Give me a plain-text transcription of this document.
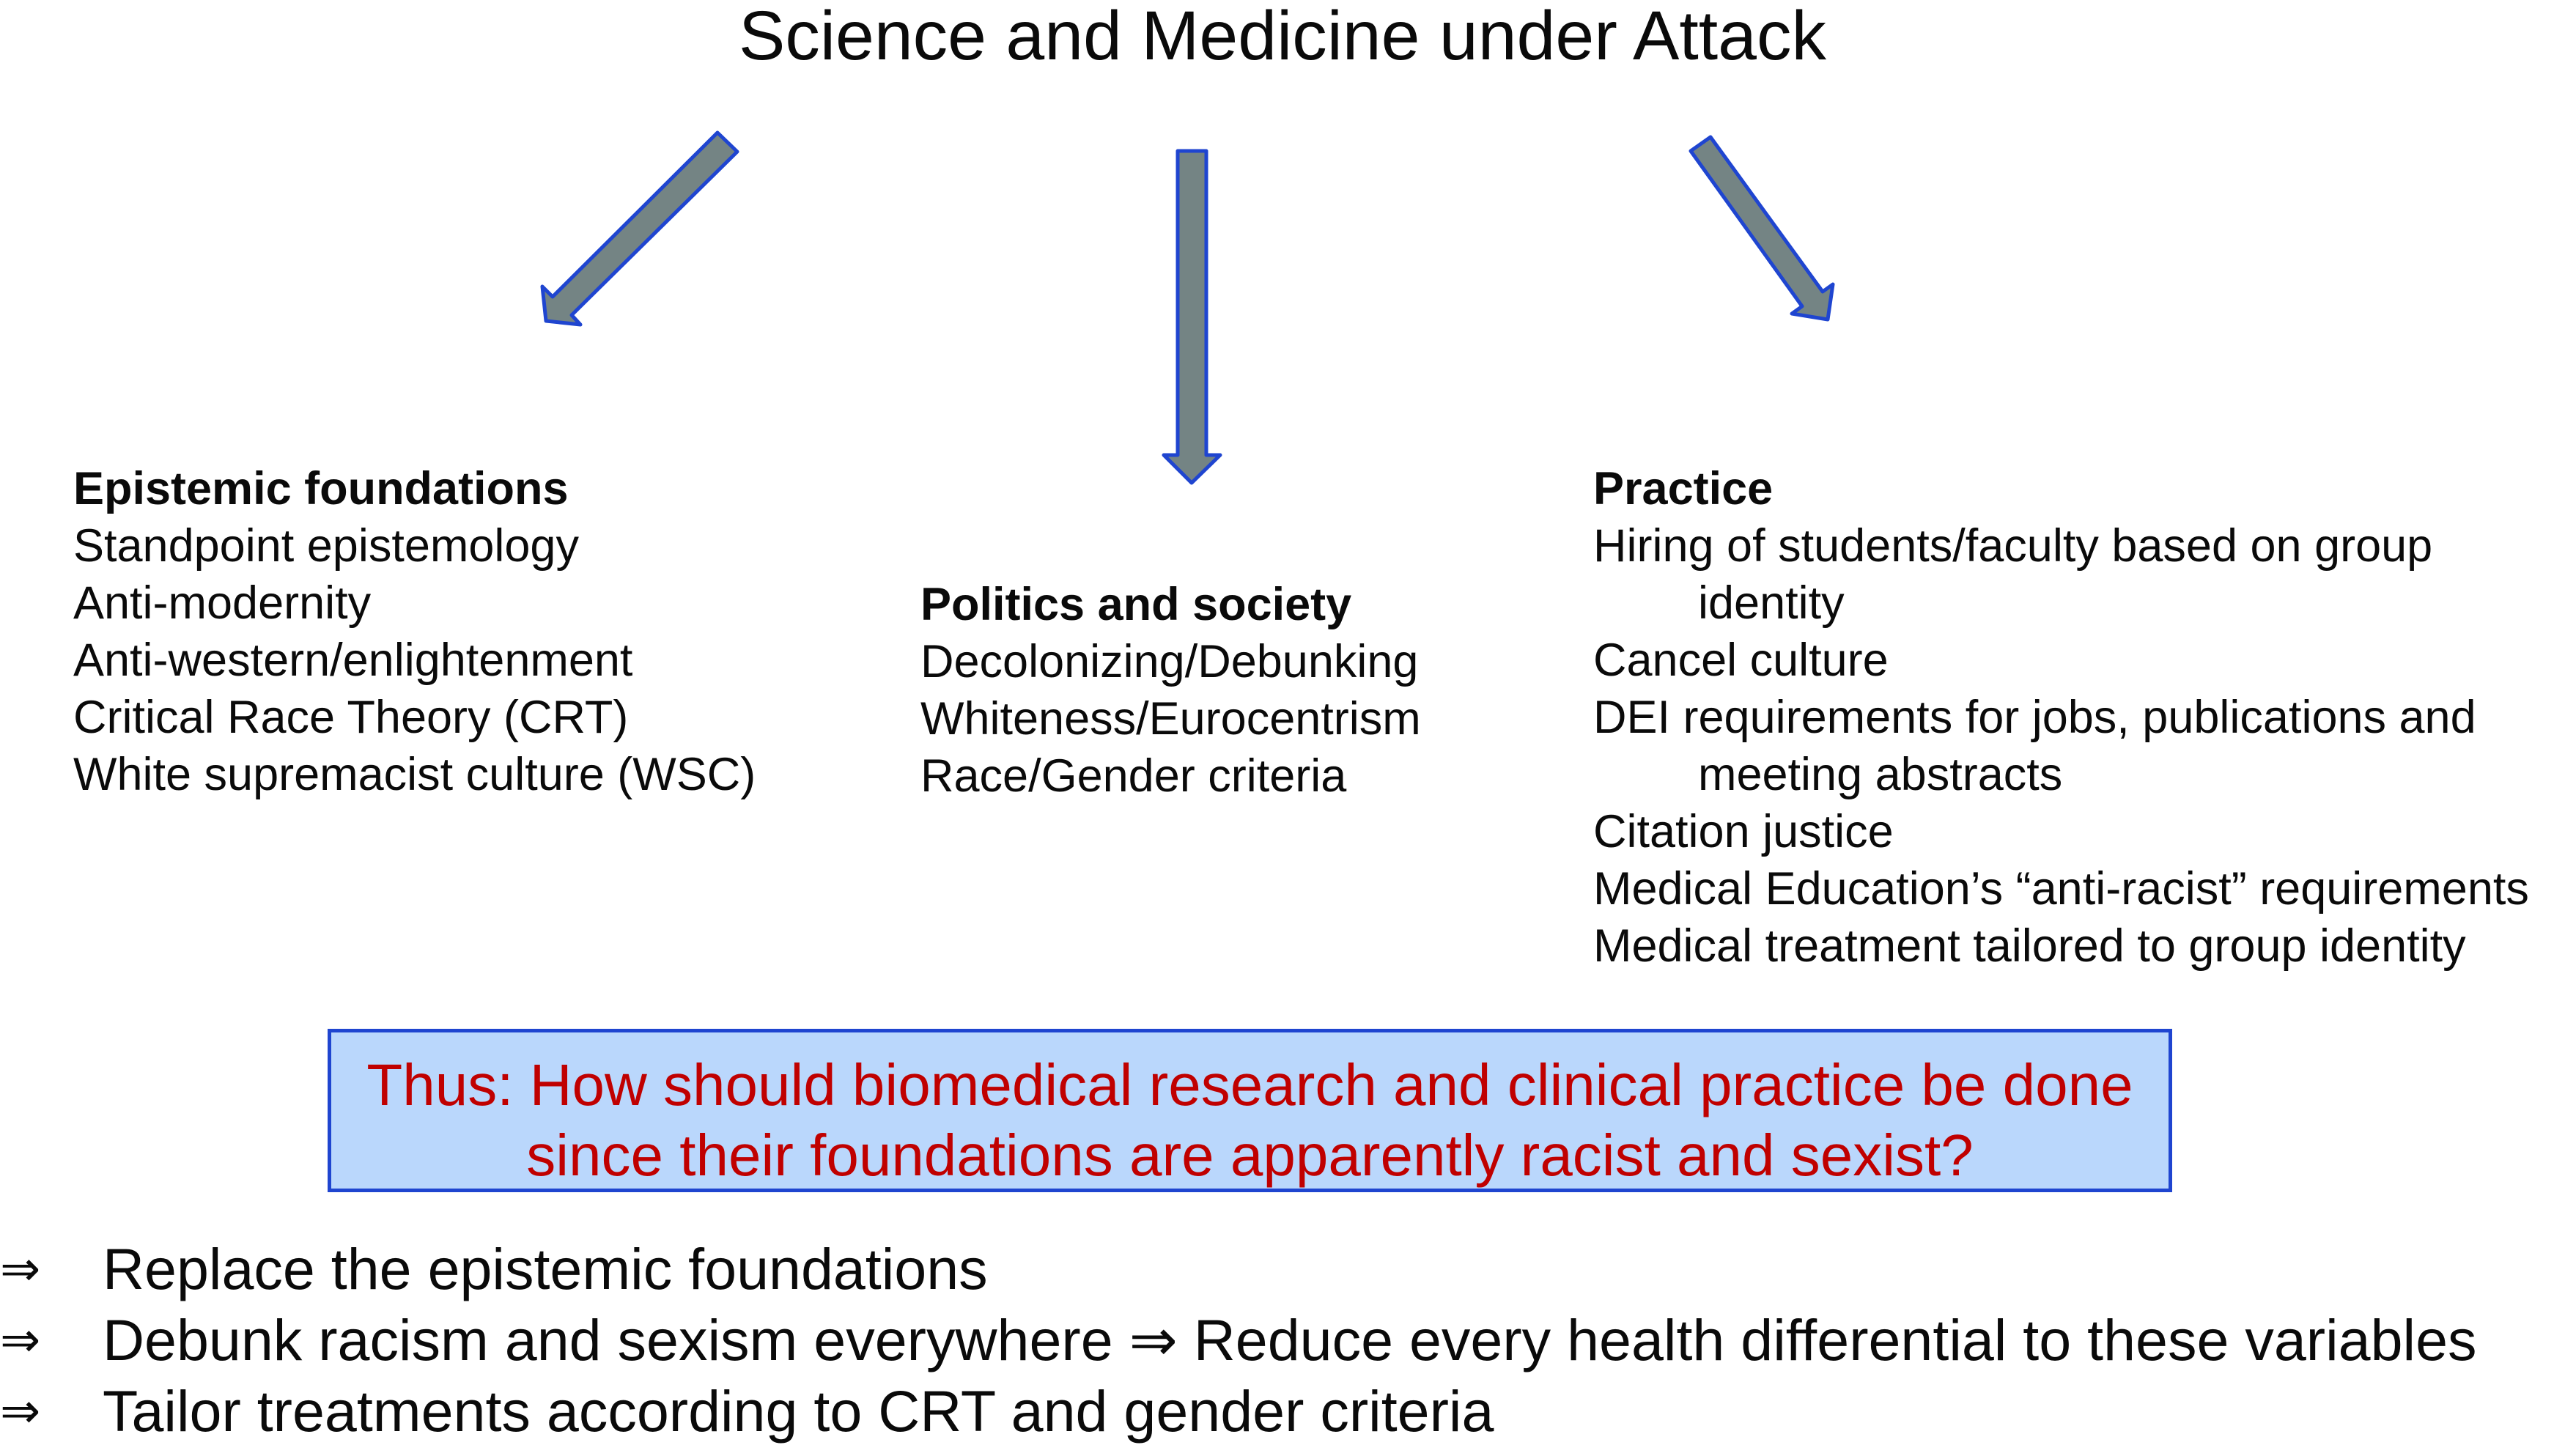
Science and Medicine under Attack
Epistemic foundations
Standpoint epistemology
Anti-modernity
Anti-western/enlightenment
Critical Race Theory (CRT)
White supremacist culture (WSC)
Politics and society
Decolonizing/Debunking
Whiteness/Eurocentrism
Race/Gender criteria
Practice
Hiring of students/faculty based on group
identity
Cancel culture
DEI requirements for jobs, publications and
meeting abstracts
Citation justice
Medical Education’s “anti-racist” requirements
Medical treatment tailored to group identity
Thus: How should biomedical research and clinical practice be done
since their foundations are apparently racist and sexist?
⇒	Replace the epistemic foundations
⇒	Debunk racism and sexism everywhere ⇒ Reduce every health differential to these variables
⇒	Tailor treatments according to CRT and gender criteria
